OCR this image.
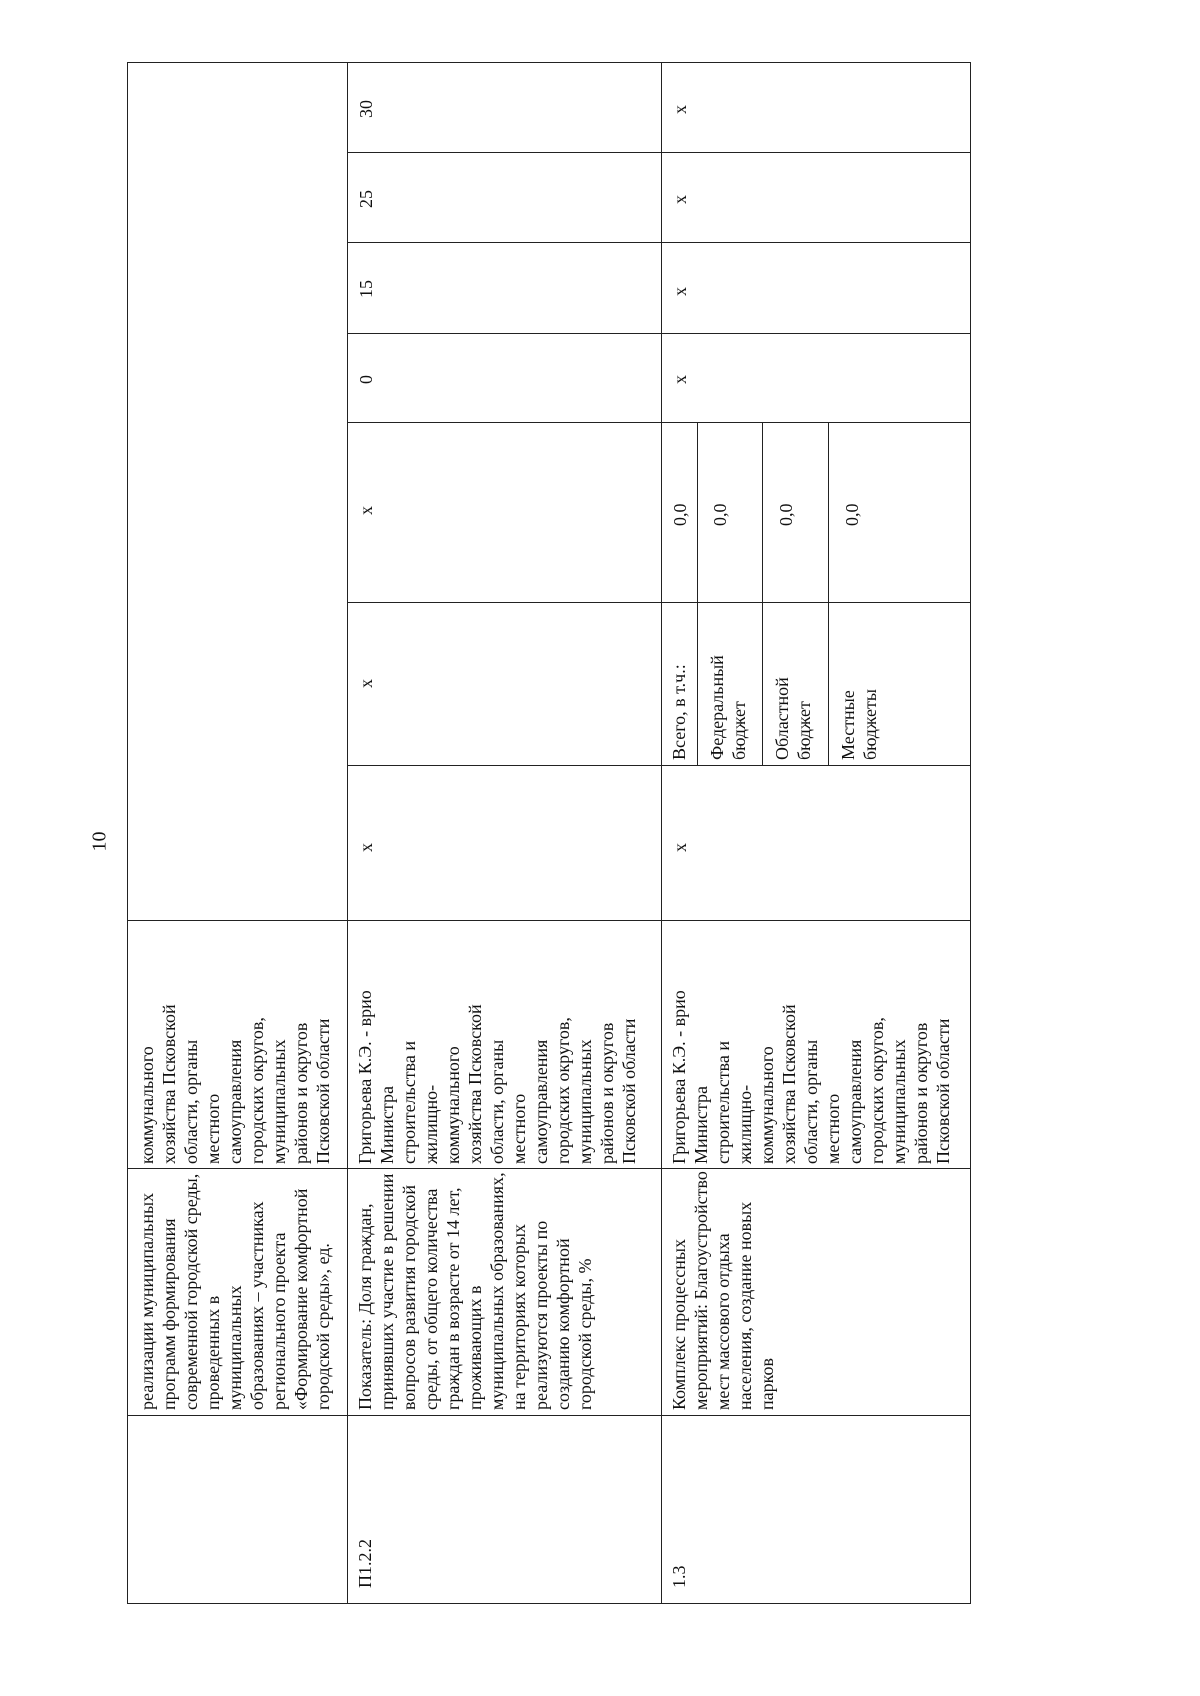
10
реализации муниципальных
программ формирования
современной городской среды,
проведенных в муниципальных
образованиях – участниках
регионального проекта
«Формирование комфортной
городской среды», ед.
коммунального
хозяйства Псковской
области, органы
местного
самоуправления
городских округов,
муниципальных
районов и округов
Псковской области
П1.2.2
Показатель: Доля граждан,
принявших участие в решении
вопросов развития городской
среды, от общего количества
граждан в возрасте от 14 лет,
проживающих в
муниципальных образованиях,
на территориях которых
реализуются проекты по
созданию комфортной
городской среды, %
Григорьева К.Э. - врио
Министра
строительства и
жилищно-
коммунального
хозяйства Псковской
области, органы
местного
самоуправления
городских округов,
муниципальных
районов и округов
Псковской области
х
х
х
0
15
25
30
1.3
Комплекс процессных
мероприятий: Благоустройство
мест массового отдыха
населения, создание новых
парков
Григорьева К.Э. - врио
Министра
строительства и
жилищно-
коммунального
хозяйства Псковской
области, органы
местного
самоуправления
городских округов,
муниципальных
районов и округов
Псковской области
х
Всего, в т.ч.: Федеральный
бюджет Областной
бюджет Местные
бюджеты
0,0 0,0	0,0	0,0
х
х
х
х
